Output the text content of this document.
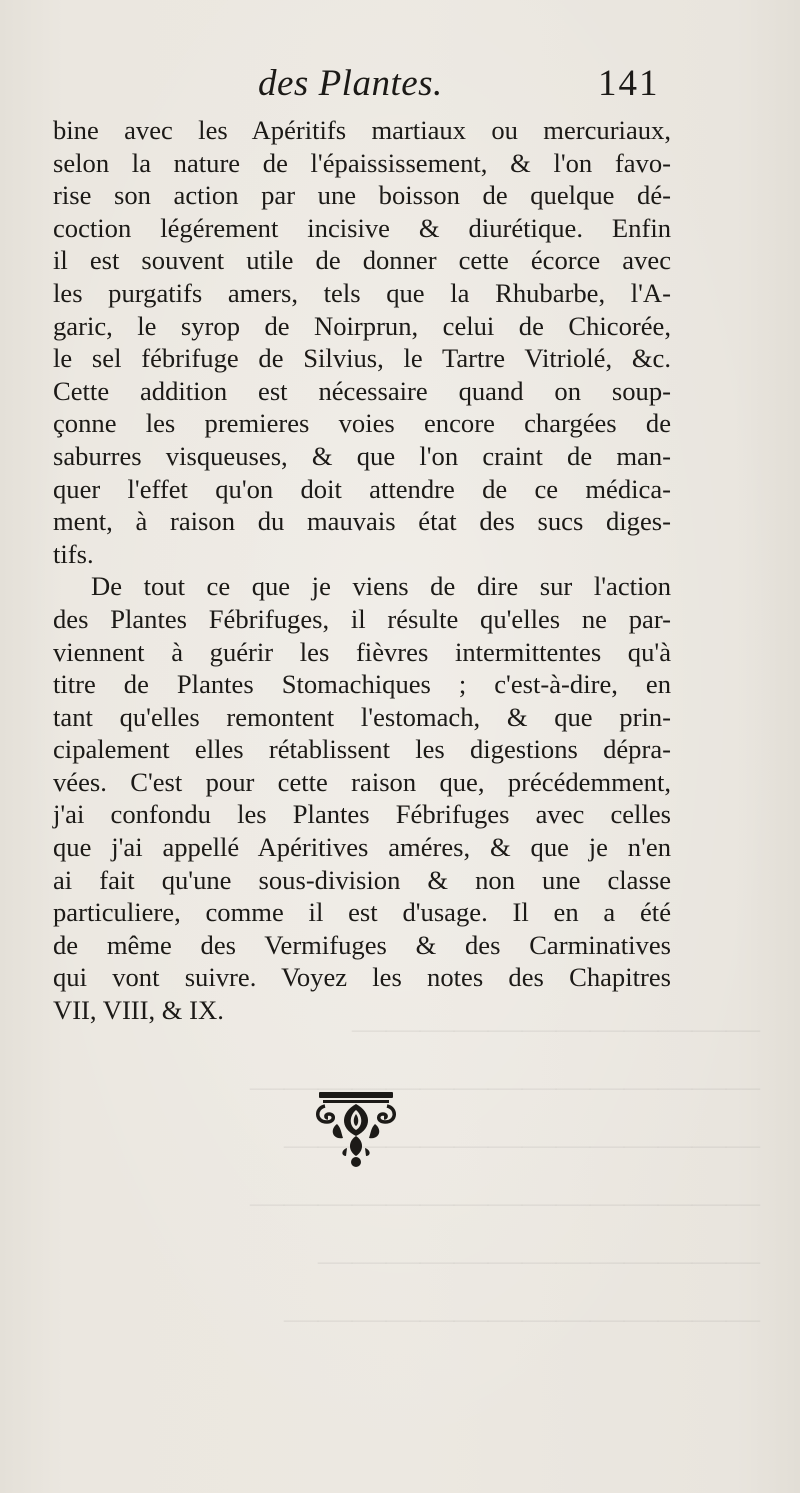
————————————
———————————————
——————————————
———————————————
—————————————
——————————————
des Plantes.	141
bine avec les Apéritifs martiaux ou mercuriaux,
selon la nature de l'épaississement, & l'on favo-
rise son action par une boisson de quelque dé-
coction légérement incisive & diurétique. Enfin
il est souvent utile de donner cette écorce avec
les purgatifs amers, tels que la Rhubarbe, l'A-
garic, le syrop de Noirprun, celui de Chicorée,
le sel fébrifuge de Silvius, le Tartre Vitriolé, &c.
Cette addition est nécessaire quand on soup-
çonne les premieres voies encore chargées de
saburres visqueuses, & que l'on craint de man-
quer l'effet qu'on doit attendre de ce médica-
ment, à raison du mauvais état des sucs diges-
tifs.
De tout ce que je viens de dire sur l'action
des Plantes Fébrifuges, il résulte qu'elles ne par-
viennent à guérir les fièvres intermittentes qu'à
titre de Plantes Stomachiques ; c'est-à-dire, en
tant qu'elles remontent l'estomach, & que prin-
cipalement elles rétablissent les digestions dépra-
vées. C'est pour cette raison que, précédemment,
j'ai confondu les Plantes Fébrifuges avec celles
que j'ai appellé Apéritives améres, & que je n'en
ai fait qu'une sous-division & non une classe
particuliere, comme il est d'usage. Il en a été
de même des Vermifuges & des Carminatives
qui vont suivre. Voyez les notes des Chapitres
VII, VIII, & IX.
